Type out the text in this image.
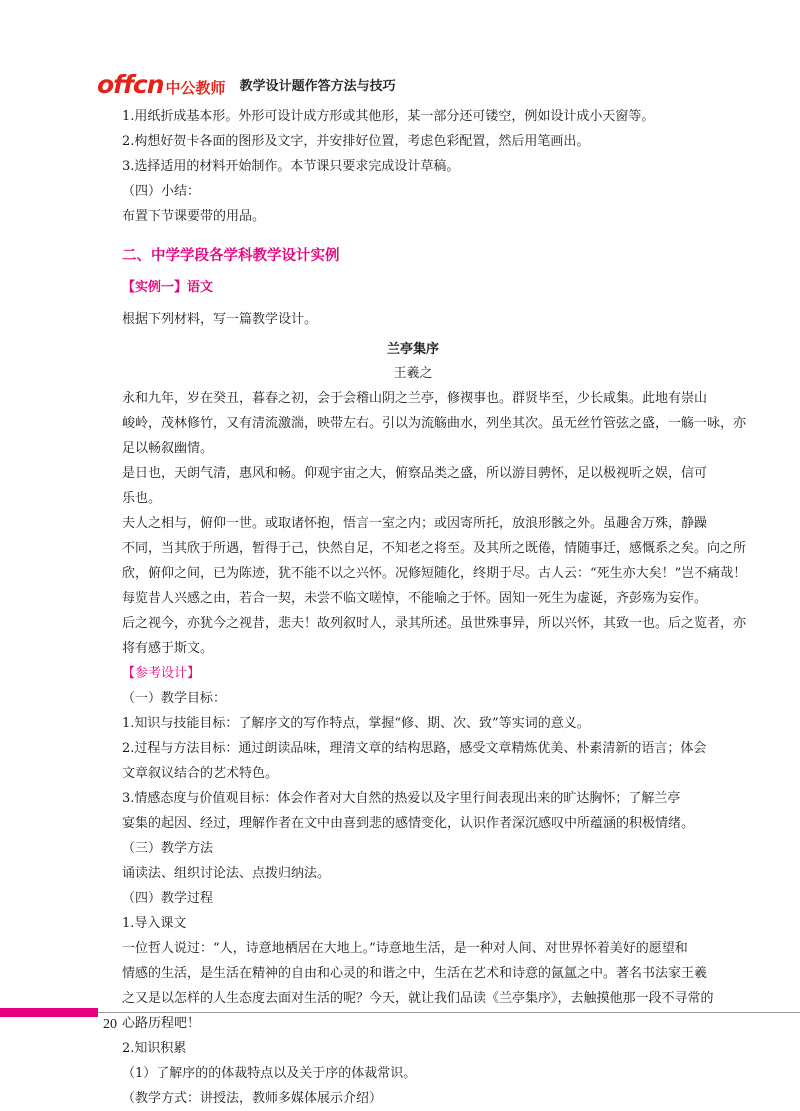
offcn 中公教师 教学设计题作答方法与技巧
1.用纸折成基本形。外形可设计成方形或其他形，某一部分还可镂空，例如设计成小天窗等。
2.构想好贺卡各面的图形及文字，并安排好位置，考虑色彩配置，然后用笔画出。
3.选择适用的材料开始制作。本节课只要求完成设计草稿。
（四）小结：
布置下节课要带的用品。
二、中学学段各学科教学设计实例
【实例一】语文
根据下列材料，写一篇教学设计。
兰亭集序
王羲之
永和九年，岁在癸丑，暮春之初，会于会稽山阴之兰亭，修禊事也。群贤毕至，少长咸集。此地有崇山
峻岭，茂林修竹，又有清流激湍，映带左右。引以为流觞曲水，列坐其次。虽无丝竹管弦之盛，一觞一咏，亦
足以畅叙幽情。
是日也，天朗气清，惠风和畅。仰观宇宙之大，俯察品类之盛，所以游目骋怀，足以极视听之娱，信可
乐也。
夫人之相与，俯仰一世。或取诸怀抱，悟言一室之内；或因寄所托，放浪形骸之外。虽趣舍万殊，静躁
不同，当其欣于所遇，暂得于己，快然自足，不知老之将至。及其所之既倦，情随事迁，感慨系之矣。向之所
欣，俯仰之间，已为陈迹，犹不能不以之兴怀。况修短随化，终期于尽。古人云：“死生亦大矣！”岂不痛哉！
每览昔人兴感之由，若合一契，未尝不临文嗟悼，不能喻之于怀。固知一死生为虚诞，齐彭殇为妄作。
后之视今，亦犹今之视昔，悲夫！故列叙时人，录其所述。虽世殊事异，所以兴怀，其致一也。后之览者，亦
将有感于斯文。
【参考设计】
（一）教学目标：
1.知识与技能目标：了解序文的写作特点，掌握“修、期、次、致”等实词的意义。
2.过程与方法目标：通过朗读品味，理清文章的结构思路，感受文章精炼优美、朴素清新的语言；体会
文章叙议结合的艺术特色。
3.情感态度与价值观目标：体会作者对大自然的热爱以及字里行间表现出来的旷达胸怀；了解兰亭
宴集的起因、经过，理解作者在文中由喜到悲的感情变化，认识作者深沉感叹中所蕴涵的积极情绪。
（三）教学方法
诵读法、组织讨论法、点拨归纳法。
（四）教学过程
1.导入课文
一位哲人说过：“人，诗意地栖居在大地上。”诗意地生活，是一种对人间、对世界怀着美好的愿望和
情感的生活，是生活在精神的自由和心灵的和谐之中，生活在艺术和诗意的氤氲之中。著名书法家王羲
之又是以怎样的人生态度去面对生活的呢？今天，就让我们品读《兰亭集序》，去触摸他那一段不寻常的
心路历程吧！
2.知识积累
（1）了解序的的体裁特点以及关于序的体裁常识。
（教学方式：讲授法，教师多媒体展示介绍）
20
